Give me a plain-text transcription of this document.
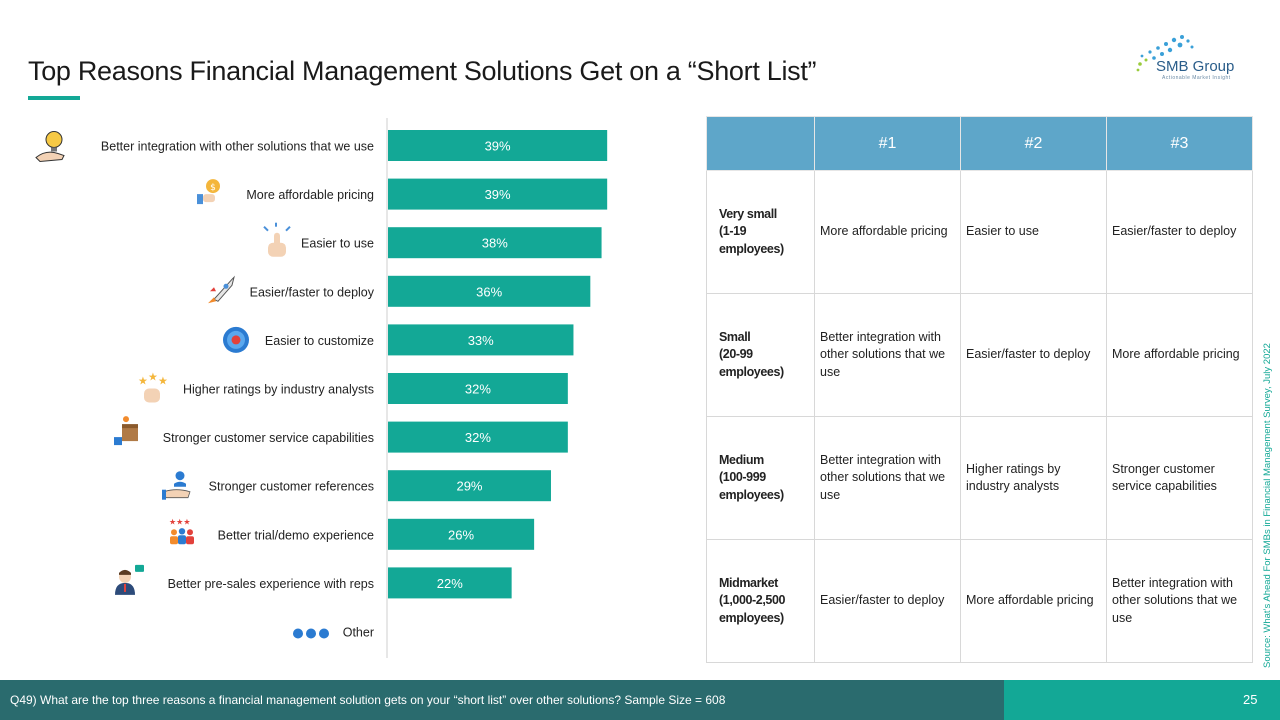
Top Reasons Financial Management Solutions Get on a “Short List”	SMB Group
Actionable Market Insight
39%
Better integration with other solutions that we use
39%
More affordable pricing
$
38%
Easier to use
36%
Easier/faster to deploy
33%
Easier to customize
32%
Higher ratings by industry analysts
★ ★ ★
32%
Stronger customer service capabilities
29%
Stronger customer references
26%
Better trial/demo experience
★★★
22%
Better pre-sales experience with reps
Other
	#1	#2	#3
Very small
(1-19
employees)	More affordable pricing	Easier to use	Easier/faster to deploy
Small
(20-99
employees)	Better integration with other solutions that we use	Easier/faster to deploy	More affordable pricing
Medium
(100-999
employees)	Better integration with other solutions that we use	Higher ratings by industry analysts	Stronger customer service capabilities
Midmarket
(1,000-2,500
employees)	Easier/faster to deploy	More affordable pricing	Better integration with other solutions that we use	Source: What’s Ahead For SMBs in Financial Management Survey, July 2022
Q49) What are the top three reasons a financial management solution gets on your “short list” over other solutions? Sample Size = 608	25
